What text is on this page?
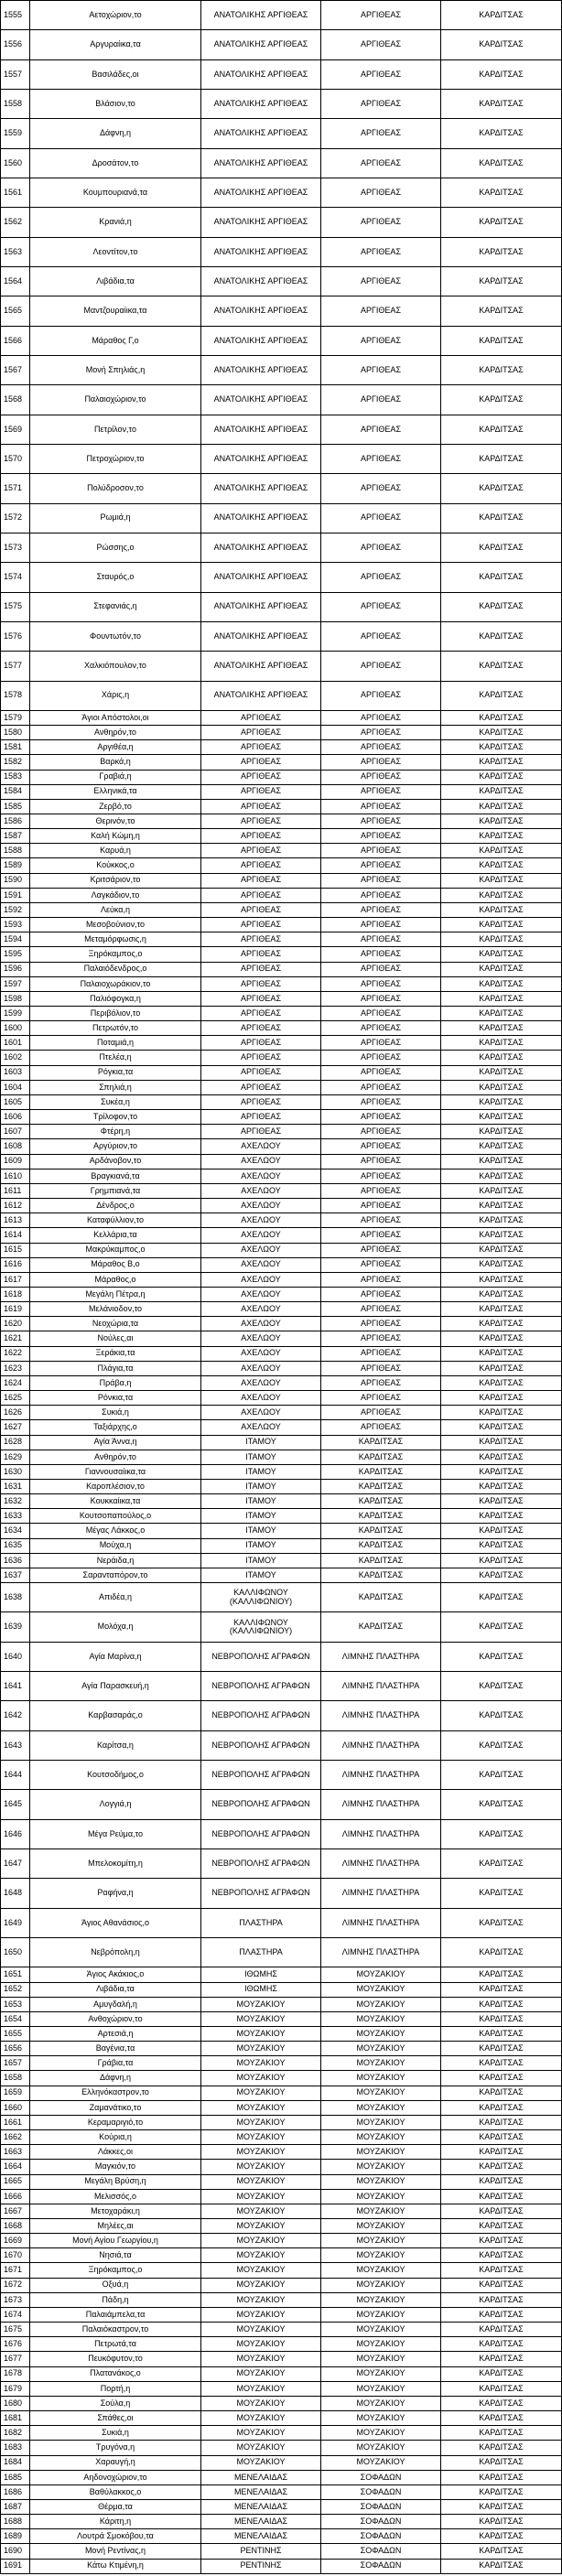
1555	Αετοχώριον,το	ΑΝΑΤΟΛΙΚΗΣ ΑΡΓΙΘΕΑΣ	ΑΡΓΙΘΕΑΣ	ΚΑΡΔΙΤΣΑΣ
1556	Αργυραίικα,τα	ΑΝΑΤΟΛΙΚΗΣ ΑΡΓΙΘΕΑΣ	ΑΡΓΙΘΕΑΣ	ΚΑΡΔΙΤΣΑΣ
1557	Βασιλάδες,οι	ΑΝΑΤΟΛΙΚΗΣ ΑΡΓΙΘΕΑΣ	ΑΡΓΙΘΕΑΣ	ΚΑΡΔΙΤΣΑΣ
1558	Βλάσιον,το	ΑΝΑΤΟΛΙΚΗΣ ΑΡΓΙΘΕΑΣ	ΑΡΓΙΘΕΑΣ	ΚΑΡΔΙΤΣΑΣ
1559	Δάφνη,η	ΑΝΑΤΟΛΙΚΗΣ ΑΡΓΙΘΕΑΣ	ΑΡΓΙΘΕΑΣ	ΚΑΡΔΙΤΣΑΣ
1560	Δροσάτον,το	ΑΝΑΤΟΛΙΚΗΣ ΑΡΓΙΘΕΑΣ	ΑΡΓΙΘΕΑΣ	ΚΑΡΔΙΤΣΑΣ
1561	Κουμπουριανά,τα	ΑΝΑΤΟΛΙΚΗΣ ΑΡΓΙΘΕΑΣ	ΑΡΓΙΘΕΑΣ	ΚΑΡΔΙΤΣΑΣ
1562	Κρανιά,η	ΑΝΑΤΟΛΙΚΗΣ ΑΡΓΙΘΕΑΣ	ΑΡΓΙΘΕΑΣ	ΚΑΡΔΙΤΣΑΣ
1563	Λεοντίτον,το	ΑΝΑΤΟΛΙΚΗΣ ΑΡΓΙΘΕΑΣ	ΑΡΓΙΘΕΑΣ	ΚΑΡΔΙΤΣΑΣ
1564	Λιβάδια,τα	ΑΝΑΤΟΛΙΚΗΣ ΑΡΓΙΘΕΑΣ	ΑΡΓΙΘΕΑΣ	ΚΑΡΔΙΤΣΑΣ
1565	Μαντζουραίικα,τα	ΑΝΑΤΟΛΙΚΗΣ ΑΡΓΙΘΕΑΣ	ΑΡΓΙΘΕΑΣ	ΚΑΡΔΙΤΣΑΣ
1566	Μάραθος Γ,ο	ΑΝΑΤΟΛΙΚΗΣ ΑΡΓΙΘΕΑΣ	ΑΡΓΙΘΕΑΣ	ΚΑΡΔΙΤΣΑΣ
1567	Μονή Σπηλιάς,η	ΑΝΑΤΟΛΙΚΗΣ ΑΡΓΙΘΕΑΣ	ΑΡΓΙΘΕΑΣ	ΚΑΡΔΙΤΣΑΣ
1568	Παλαιοχώριον,το	ΑΝΑΤΟΛΙΚΗΣ ΑΡΓΙΘΕΑΣ	ΑΡΓΙΘΕΑΣ	ΚΑΡΔΙΤΣΑΣ
1569	Πετρίλον,το	ΑΝΑΤΟΛΙΚΗΣ ΑΡΓΙΘΕΑΣ	ΑΡΓΙΘΕΑΣ	ΚΑΡΔΙΤΣΑΣ
1570	Πετροχώριον,το	ΑΝΑΤΟΛΙΚΗΣ ΑΡΓΙΘΕΑΣ	ΑΡΓΙΘΕΑΣ	ΚΑΡΔΙΤΣΑΣ
1571	Πολύδροσον,το	ΑΝΑΤΟΛΙΚΗΣ ΑΡΓΙΘΕΑΣ	ΑΡΓΙΘΕΑΣ	ΚΑΡΔΙΤΣΑΣ
1572	Ρωμιά,η	ΑΝΑΤΟΛΙΚΗΣ ΑΡΓΙΘΕΑΣ	ΑΡΓΙΘΕΑΣ	ΚΑΡΔΙΤΣΑΣ
1573	Ρώσσης,ο	ΑΝΑΤΟΛΙΚΗΣ ΑΡΓΙΘΕΑΣ	ΑΡΓΙΘΕΑΣ	ΚΑΡΔΙΤΣΑΣ
1574	Σταυρός,ο	ΑΝΑΤΟΛΙΚΗΣ ΑΡΓΙΘΕΑΣ	ΑΡΓΙΘΕΑΣ	ΚΑΡΔΙΤΣΑΣ
1575	Στεφανιάς,η	ΑΝΑΤΟΛΙΚΗΣ ΑΡΓΙΘΕΑΣ	ΑΡΓΙΘΕΑΣ	ΚΑΡΔΙΤΣΑΣ
1576	Φουντωτόν,το	ΑΝΑΤΟΛΙΚΗΣ ΑΡΓΙΘΕΑΣ	ΑΡΓΙΘΕΑΣ	ΚΑΡΔΙΤΣΑΣ
1577	Χαλκιόπουλον,το	ΑΝΑΤΟΛΙΚΗΣ ΑΡΓΙΘΕΑΣ	ΑΡΓΙΘΕΑΣ	ΚΑΡΔΙΤΣΑΣ
1578	Χάρις,η	ΑΝΑΤΟΛΙΚΗΣ ΑΡΓΙΘΕΑΣ	ΑΡΓΙΘΕΑΣ	ΚΑΡΔΙΤΣΑΣ
1579	Άγιοι Απόστολοι,οι	ΑΡΓΙΘΕΑΣ	ΑΡΓΙΘΕΑΣ	ΚΑΡΔΙΤΣΑΣ
1580	Ανθηρόν,το	ΑΡΓΙΘΕΑΣ	ΑΡΓΙΘΕΑΣ	ΚΑΡΔΙΤΣΑΣ
1581	Αργιθέα,η	ΑΡΓΙΘΕΑΣ	ΑΡΓΙΘΕΑΣ	ΚΑΡΔΙΤΣΑΣ
1582	Βαρκά,η	ΑΡΓΙΘΕΑΣ	ΑΡΓΙΘΕΑΣ	ΚΑΡΔΙΤΣΑΣ
1583	Γραβιά,η	ΑΡΓΙΘΕΑΣ	ΑΡΓΙΘΕΑΣ	ΚΑΡΔΙΤΣΑΣ
1584	Ελληνικά,τα	ΑΡΓΙΘΕΑΣ	ΑΡΓΙΘΕΑΣ	ΚΑΡΔΙΤΣΑΣ
1585	Ζερβό,το	ΑΡΓΙΘΕΑΣ	ΑΡΓΙΘΕΑΣ	ΚΑΡΔΙΤΣΑΣ
1586	Θερινόν,το	ΑΡΓΙΘΕΑΣ	ΑΡΓΙΘΕΑΣ	ΚΑΡΔΙΤΣΑΣ
1587	Καλή Κώμη,η	ΑΡΓΙΘΕΑΣ	ΑΡΓΙΘΕΑΣ	ΚΑΡΔΙΤΣΑΣ
1588	Καρυά,η	ΑΡΓΙΘΕΑΣ	ΑΡΓΙΘΕΑΣ	ΚΑΡΔΙΤΣΑΣ
1589	Κούκκος,ο	ΑΡΓΙΘΕΑΣ	ΑΡΓΙΘΕΑΣ	ΚΑΡΔΙΤΣΑΣ
1590	Κριτσάριον,το	ΑΡΓΙΘΕΑΣ	ΑΡΓΙΘΕΑΣ	ΚΑΡΔΙΤΣΑΣ
1591	Λαγκάδιον,το	ΑΡΓΙΘΕΑΣ	ΑΡΓΙΘΕΑΣ	ΚΑΡΔΙΤΣΑΣ
1592	Λεύκα,η	ΑΡΓΙΘΕΑΣ	ΑΡΓΙΘΕΑΣ	ΚΑΡΔΙΤΣΑΣ
1593	Μεσοβούνιον,το	ΑΡΓΙΘΕΑΣ	ΑΡΓΙΘΕΑΣ	ΚΑΡΔΙΤΣΑΣ
1594	Μεταμόρφωσις,η	ΑΡΓΙΘΕΑΣ	ΑΡΓΙΘΕΑΣ	ΚΑΡΔΙΤΣΑΣ
1595	Ξηρόκαμπος,ο	ΑΡΓΙΘΕΑΣ	ΑΡΓΙΘΕΑΣ	ΚΑΡΔΙΤΣΑΣ
1596	Παλαιόδενδρος,ο	ΑΡΓΙΘΕΑΣ	ΑΡΓΙΘΕΑΣ	ΚΑΡΔΙΤΣΑΣ
1597	Παλαιοχωράκιον,το	ΑΡΓΙΘΕΑΣ	ΑΡΓΙΘΕΑΣ	ΚΑΡΔΙΤΣΑΣ
1598	Παλιόφογκα,η	ΑΡΓΙΘΕΑΣ	ΑΡΓΙΘΕΑΣ	ΚΑΡΔΙΤΣΑΣ
1599	Περιβόλιον,το	ΑΡΓΙΘΕΑΣ	ΑΡΓΙΘΕΑΣ	ΚΑΡΔΙΤΣΑΣ
1600	Πετρωτόν,το	ΑΡΓΙΘΕΑΣ	ΑΡΓΙΘΕΑΣ	ΚΑΡΔΙΤΣΑΣ
1601	Ποταμιά,η	ΑΡΓΙΘΕΑΣ	ΑΡΓΙΘΕΑΣ	ΚΑΡΔΙΤΣΑΣ
1602	Πτελέα,η	ΑΡΓΙΘΕΑΣ	ΑΡΓΙΘΕΑΣ	ΚΑΡΔΙΤΣΑΣ
1603	Ρόγκια,τα	ΑΡΓΙΘΕΑΣ	ΑΡΓΙΘΕΑΣ	ΚΑΡΔΙΤΣΑΣ
1604	Σπηλιά,η	ΑΡΓΙΘΕΑΣ	ΑΡΓΙΘΕΑΣ	ΚΑΡΔΙΤΣΑΣ
1605	Συκέα,η	ΑΡΓΙΘΕΑΣ	ΑΡΓΙΘΕΑΣ	ΚΑΡΔΙΤΣΑΣ
1606	Τρίλοφον,το	ΑΡΓΙΘΕΑΣ	ΑΡΓΙΘΕΑΣ	ΚΑΡΔΙΤΣΑΣ
1607	Φτέρη,η	ΑΡΓΙΘΕΑΣ	ΑΡΓΙΘΕΑΣ	ΚΑΡΔΙΤΣΑΣ
1608	Αργύριον,το	ΑΧΕΛΩΟΥ	ΑΡΓΙΘΕΑΣ	ΚΑΡΔΙΤΣΑΣ
1609	Αρδάνοβον,το	ΑΧΕΛΩΟΥ	ΑΡΓΙΘΕΑΣ	ΚΑΡΔΙΤΣΑΣ
1610	Βραγκιανά,τα	ΑΧΕΛΩΟΥ	ΑΡΓΙΘΕΑΣ	ΚΑΡΔΙΤΣΑΣ
1611	Γρημπιανά,τα	ΑΧΕΛΩΟΥ	ΑΡΓΙΘΕΑΣ	ΚΑΡΔΙΤΣΑΣ
1612	Δένδρος,ο	ΑΧΕΛΩΟΥ	ΑΡΓΙΘΕΑΣ	ΚΑΡΔΙΤΣΑΣ
1613	Καταφύλλιον,το	ΑΧΕΛΩΟΥ	ΑΡΓΙΘΕΑΣ	ΚΑΡΔΙΤΣΑΣ
1614	Κελλάρια,τα	ΑΧΕΛΩΟΥ	ΑΡΓΙΘΕΑΣ	ΚΑΡΔΙΤΣΑΣ
1615	Μακρύκαμπος,ο	ΑΧΕΛΩΟΥ	ΑΡΓΙΘΕΑΣ	ΚΑΡΔΙΤΣΑΣ
1616	Μάραθος Β,ο	ΑΧΕΛΩΟΥ	ΑΡΓΙΘΕΑΣ	ΚΑΡΔΙΤΣΑΣ
1617	Μάραθος,ο	ΑΧΕΛΩΟΥ	ΑΡΓΙΘΕΑΣ	ΚΑΡΔΙΤΣΑΣ
1618	Μεγάλη Πέτρα,η	ΑΧΕΛΩΟΥ	ΑΡΓΙΘΕΑΣ	ΚΑΡΔΙΤΣΑΣ
1619	Μελάνιοδον,το	ΑΧΕΛΩΟΥ	ΑΡΓΙΘΕΑΣ	ΚΑΡΔΙΤΣΑΣ
1620	Νεοχώρια,τα	ΑΧΕΛΩΟΥ	ΑΡΓΙΘΕΑΣ	ΚΑΡΔΙΤΣΑΣ
1621	Νούλες,αι	ΑΧΕΛΩΟΥ	ΑΡΓΙΘΕΑΣ	ΚΑΡΔΙΤΣΑΣ
1622	Ξεράκια,τα	ΑΧΕΛΩΟΥ	ΑΡΓΙΘΕΑΣ	ΚΑΡΔΙΤΣΑΣ
1623	Πλάγια,τα	ΑΧΕΛΩΟΥ	ΑΡΓΙΘΕΑΣ	ΚΑΡΔΙΤΣΑΣ
1624	Πράβα,η	ΑΧΕΛΩΟΥ	ΑΡΓΙΘΕΑΣ	ΚΑΡΔΙΤΣΑΣ
1625	Ρόνκια,τα	ΑΧΕΛΩΟΥ	ΑΡΓΙΘΕΑΣ	ΚΑΡΔΙΤΣΑΣ
1626	Συκιά,η	ΑΧΕΛΩΟΥ	ΑΡΓΙΘΕΑΣ	ΚΑΡΔΙΤΣΑΣ
1627	Ταξιάρχης,ο	ΑΧΕΛΩΟΥ	ΑΡΓΙΘΕΑΣ	ΚΑΡΔΙΤΣΑΣ
1628	Αγία Άννα,η	ΙΤΑΜΟΥ	ΚΑΡΔΙΤΣΑΣ	ΚΑΡΔΙΤΣΑΣ
1629	Ανθηρόν,το	ΙΤΑΜΟΥ	ΚΑΡΔΙΤΣΑΣ	ΚΑΡΔΙΤΣΑΣ
1630	Γιαννουσαίικα,τα	ΙΤΑΜΟΥ	ΚΑΡΔΙΤΣΑΣ	ΚΑΡΔΙΤΣΑΣ
1631	Καροπλέσιον,το	ΙΤΑΜΟΥ	ΚΑΡΔΙΤΣΑΣ	ΚΑΡΔΙΤΣΑΣ
1632	Κουκκαίικα,τα	ΙΤΑΜΟΥ	ΚΑΡΔΙΤΣΑΣ	ΚΑΡΔΙΤΣΑΣ
1633	Κουτσοπαπούλος,ο	ΙΤΑΜΟΥ	ΚΑΡΔΙΤΣΑΣ	ΚΑΡΔΙΤΣΑΣ
1634	Μέγας Λάκκος,ο	ΙΤΑΜΟΥ	ΚΑΡΔΙΤΣΑΣ	ΚΑΡΔΙΤΣΑΣ
1635	Μούχα,η	ΙΤΑΜΟΥ	ΚΑΡΔΙΤΣΑΣ	ΚΑΡΔΙΤΣΑΣ
1636	Νεράιδα,η	ΙΤΑΜΟΥ	ΚΑΡΔΙΤΣΑΣ	ΚΑΡΔΙΤΣΑΣ
1637	Σαρανταπόρον,το	ΙΤΑΜΟΥ	ΚΑΡΔΙΤΣΑΣ	ΚΑΡΔΙΤΣΑΣ
1638	Απιδέα,η	ΚΑΛΛΙΦΩΝΟΥ (ΚΑΛΛΙΦΩΝΙΟΥ)	ΚΑΡΔΙΤΣΑΣ	ΚΑΡΔΙΤΣΑΣ
1639	Μολόχα,η	ΚΑΛΛΙΦΩΝΟΥ (ΚΑΛΛΙΦΩΝΙΟΥ)	ΚΑΡΔΙΤΣΑΣ	ΚΑΡΔΙΤΣΑΣ
1640	Αγία Μαρίνα,η	ΝΕΒΡΟΠΟΛΗΣ ΑΓΡΑΦΩΝ	ΛΙΜΝΗΣ ΠΛΑΣΤΗΡΑ	ΚΑΡΔΙΤΣΑΣ
1641	Αγία Παρασκευή,η	ΝΕΒΡΟΠΟΛΗΣ ΑΓΡΑΦΩΝ	ΛΙΜΝΗΣ ΠΛΑΣΤΗΡΑ	ΚΑΡΔΙΤΣΑΣ
1642	Καρβασαράς,ο	ΝΕΒΡΟΠΟΛΗΣ ΑΓΡΑΦΩΝ	ΛΙΜΝΗΣ ΠΛΑΣΤΗΡΑ	ΚΑΡΔΙΤΣΑΣ
1643	Καρίτσα,η	ΝΕΒΡΟΠΟΛΗΣ ΑΓΡΑΦΩΝ	ΛΙΜΝΗΣ ΠΛΑΣΤΗΡΑ	ΚΑΡΔΙΤΣΑΣ
1644	Κουτσοδήμος,ο	ΝΕΒΡΟΠΟΛΗΣ ΑΓΡΑΦΩΝ	ΛΙΜΝΗΣ ΠΛΑΣΤΗΡΑ	ΚΑΡΔΙΤΣΑΣ
1645	Λογγιά,η	ΝΕΒΡΟΠΟΛΗΣ ΑΓΡΑΦΩΝ	ΛΙΜΝΗΣ ΠΛΑΣΤΗΡΑ	ΚΑΡΔΙΤΣΑΣ
1646	Μέγα Ρεύμα,το	ΝΕΒΡΟΠΟΛΗΣ ΑΓΡΑΦΩΝ	ΛΙΜΝΗΣ ΠΛΑΣΤΗΡΑ	ΚΑΡΔΙΤΣΑΣ
1647	Μπελοκομίτη,η	ΝΕΒΡΟΠΟΛΗΣ ΑΓΡΑΦΩΝ	ΛΙΜΝΗΣ ΠΛΑΣΤΗΡΑ	ΚΑΡΔΙΤΣΑΣ
1648	Ραφήνα,η	ΝΕΒΡΟΠΟΛΗΣ ΑΓΡΑΦΩΝ	ΛΙΜΝΗΣ ΠΛΑΣΤΗΡΑ	ΚΑΡΔΙΤΣΑΣ
1649	Άγιος Αθανάσιος,ο	ΠΛΑΣΤΗΡΑ	ΛΙΜΝΗΣ ΠΛΑΣΤΗΡΑ	ΚΑΡΔΙΤΣΑΣ
1650	Νεβρόπολη,η	ΠΛΑΣΤΗΡΑ	ΛΙΜΝΗΣ ΠΛΑΣΤΗΡΑ	ΚΑΡΔΙΤΣΑΣ
1651	Άγιος Ακάκιος,ο	ΙΘΩΜΗΣ	ΜΟΥΖΑΚΙΟΥ	ΚΑΡΔΙΤΣΑΣ
1652	Λιβάδια,τα	ΙΘΩΜΗΣ	ΜΟΥΖΑΚΙΟΥ	ΚΑΡΔΙΤΣΑΣ
1653	Αμυγδαλή,η	ΜΟΥΖΑΚΙΟΥ	ΜΟΥΖΑΚΙΟΥ	ΚΑΡΔΙΤΣΑΣ
1654	Ανθοχώριον,το	ΜΟΥΖΑΚΙΟΥ	ΜΟΥΖΑΚΙΟΥ	ΚΑΡΔΙΤΣΑΣ
1655	Αρτεσιά,η	ΜΟΥΖΑΚΙΟΥ	ΜΟΥΖΑΚΙΟΥ	ΚΑΡΔΙΤΣΑΣ
1656	Βαγένια,τα	ΜΟΥΖΑΚΙΟΥ	ΜΟΥΖΑΚΙΟΥ	ΚΑΡΔΙΤΣΑΣ
1657	Γράβια,τα	ΜΟΥΖΑΚΙΟΥ	ΜΟΥΖΑΚΙΟΥ	ΚΑΡΔΙΤΣΑΣ
1658	Δάφνη,η	ΜΟΥΖΑΚΙΟΥ	ΜΟΥΖΑΚΙΟΥ	ΚΑΡΔΙΤΣΑΣ
1659	Ελληνόκαστρον,το	ΜΟΥΖΑΚΙΟΥ	ΜΟΥΖΑΚΙΟΥ	ΚΑΡΔΙΤΣΑΣ
1660	Ζαμανάτικο,το	ΜΟΥΖΑΚΙΟΥ	ΜΟΥΖΑΚΙΟΥ	ΚΑΡΔΙΤΣΑΣ
1661	Κεραμαριγιό,το	ΜΟΥΖΑΚΙΟΥ	ΜΟΥΖΑΚΙΟΥ	ΚΑΡΔΙΤΣΑΣ
1662	Κούρια,η	ΜΟΥΖΑΚΙΟΥ	ΜΟΥΖΑΚΙΟΥ	ΚΑΡΔΙΤΣΑΣ
1663	Λάκκες,οι	ΜΟΥΖΑΚΙΟΥ	ΜΟΥΖΑΚΙΟΥ	ΚΑΡΔΙΤΣΑΣ
1664	Μαγκιόν,το	ΜΟΥΖΑΚΙΟΥ	ΜΟΥΖΑΚΙΟΥ	ΚΑΡΔΙΤΣΑΣ
1665	Μεγάλη Βρύση,η	ΜΟΥΖΑΚΙΟΥ	ΜΟΥΖΑΚΙΟΥ	ΚΑΡΔΙΤΣΑΣ
1666	Μελισσός,ο	ΜΟΥΖΑΚΙΟΥ	ΜΟΥΖΑΚΙΟΥ	ΚΑΡΔΙΤΣΑΣ
1667	Μετοχαράκι,η	ΜΟΥΖΑΚΙΟΥ	ΜΟΥΖΑΚΙΟΥ	ΚΑΡΔΙΤΣΑΣ
1668	Μηλέες,αι	ΜΟΥΖΑΚΙΟΥ	ΜΟΥΖΑΚΙΟΥ	ΚΑΡΔΙΤΣΑΣ
1669	Μονή Αγίου Γεωργίου,η	ΜΟΥΖΑΚΙΟΥ	ΜΟΥΖΑΚΙΟΥ	ΚΑΡΔΙΤΣΑΣ
1670	Νησιά,τα	ΜΟΥΖΑΚΙΟΥ	ΜΟΥΖΑΚΙΟΥ	ΚΑΡΔΙΤΣΑΣ
1671	Ξηρόκαμπος,ο	ΜΟΥΖΑΚΙΟΥ	ΜΟΥΖΑΚΙΟΥ	ΚΑΡΔΙΤΣΑΣ
1672	Οξυά,η	ΜΟΥΖΑΚΙΟΥ	ΜΟΥΖΑΚΙΟΥ	ΚΑΡΔΙΤΣΑΣ
1673	Πάδη,η	ΜΟΥΖΑΚΙΟΥ	ΜΟΥΖΑΚΙΟΥ	ΚΑΡΔΙΤΣΑΣ
1674	Παλαιάμπελα,τα	ΜΟΥΖΑΚΙΟΥ	ΜΟΥΖΑΚΙΟΥ	ΚΑΡΔΙΤΣΑΣ
1675	Παλαιόκαστρον,το	ΜΟΥΖΑΚΙΟΥ	ΜΟΥΖΑΚΙΟΥ	ΚΑΡΔΙΤΣΑΣ
1676	Πετρωτά,τα	ΜΟΥΖΑΚΙΟΥ	ΜΟΥΖΑΚΙΟΥ	ΚΑΡΔΙΤΣΑΣ
1677	Πευκόφυτον,το	ΜΟΥΖΑΚΙΟΥ	ΜΟΥΖΑΚΙΟΥ	ΚΑΡΔΙΤΣΑΣ
1678	Πλατανάκος,ο	ΜΟΥΖΑΚΙΟΥ	ΜΟΥΖΑΚΙΟΥ	ΚΑΡΔΙΤΣΑΣ
1679	Πορτή,η	ΜΟΥΖΑΚΙΟΥ	ΜΟΥΖΑΚΙΟΥ	ΚΑΡΔΙΤΣΑΣ
1680	Σούλα,η	ΜΟΥΖΑΚΙΟΥ	ΜΟΥΖΑΚΙΟΥ	ΚΑΡΔΙΤΣΑΣ
1681	Σπάθες,οι	ΜΟΥΖΑΚΙΟΥ	ΜΟΥΖΑΚΙΟΥ	ΚΑΡΔΙΤΣΑΣ
1682	Συκιά,η	ΜΟΥΖΑΚΙΟΥ	ΜΟΥΖΑΚΙΟΥ	ΚΑΡΔΙΤΣΑΣ
1683	Τρυγόνα,η	ΜΟΥΖΑΚΙΟΥ	ΜΟΥΖΑΚΙΟΥ	ΚΑΡΔΙΤΣΑΣ
1684	Χαραυγή,η	ΜΟΥΖΑΚΙΟΥ	ΜΟΥΖΑΚΙΟΥ	ΚΑΡΔΙΤΣΑΣ
1685	Αηδονοχώριον,το	ΜΕΝΕΛΑΙΔΑΣ	ΣΟΦΑΔΩΝ	ΚΑΡΔΙΤΣΑΣ
1686	Βαθύλακκος,ο	ΜΕΝΕΛΑΙΔΑΣ	ΣΟΦΑΔΩΝ	ΚΑΡΔΙΤΣΑΣ
1687	Θέρμα,τα	ΜΕΝΕΛΑΙΔΑΣ	ΣΟΦΑΔΩΝ	ΚΑΡΔΙΤΣΑΣ
1688	Κάριτη,η	ΜΕΝΕΛΑΙΔΑΣ	ΣΟΦΑΔΩΝ	ΚΑΡΔΙΤΣΑΣ
1689	Λουτρά Σμοκόβου,τα	ΜΕΝΕΛΑΙΔΑΣ	ΣΟΦΑΔΩΝ	ΚΑΡΔΙΤΣΑΣ
1690	Μονή Ρεντίνας,η	ΡΕΝΤΙΝΗΣ	ΣΟΦΑΔΩΝ	ΚΑΡΔΙΤΣΑΣ
1691	Κάτω Κτιμένη,η	ΡΕΝΤΙΝΗΣ	ΣΟΦΑΔΩΝ	ΚΑΡΔΙΤΣΑΣ
